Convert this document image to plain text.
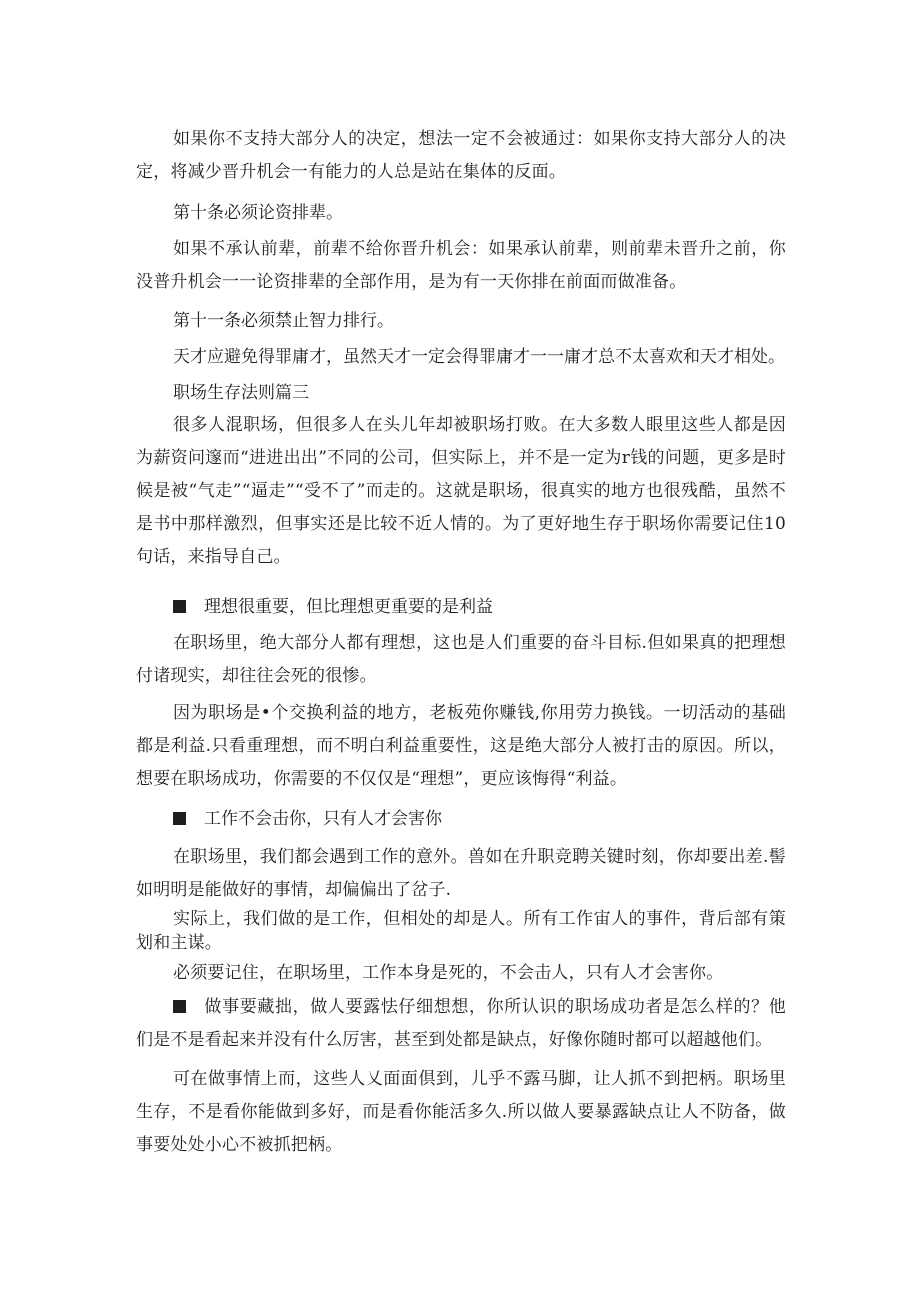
如果你不支持大部分人的决定，想法一定不会被通过：如果你支持大部分人的决定，将减少晋升机会一有能力的人总是站在集体的反面。

第十条必须论资排辈。

如果不承认前辈，前辈不给你晋升机会：如果承认前辈，则前辈未晋升之前，你没普升机会一一论资排辈的全部作用，是为有一天你排在前面而做准备。

第十一条必须禁止智力排行。

天才应避免得罪庸才，虽然天才一定会得罪庸才一一庸才总不太喜欢和天才相处。

职场生存法则篇三

很多人混职场，但很多人在头儿年却被职场打败。在大多数人眼里这些人都是因为薪资问邃而“进进出出”不同的公司，但实际上，并不是一定为r钱的问题，更多是时候是被“气走”“逼走”“受不了”而走的。这就是职场，很真实的地方也很残酷，虽然不是书中那样激烈，但事实还是比较不近人情的。为了更好地生存于职场你需要记住10句话，来指导自己。

理想很重要，但比理想更重要的是利益

在职场里，绝大部分人都有理想，这也是人们重要的奋斗目标.但如果真的把理想付诸现实，却往往会死的很惨。

因为职场是•个交换利益的地方，老板苑你赚钱,你用劳力换钱。一切活动的基础都是利益.只看重理想，而不明白利益重要性，这是绝大部分人被打击的原因。所以，想要在职场成功，你需要的不仅仅是“理想”，更应该悔得“利益。

工作不会击你，只有人才会害你

在职场里，我们都会遇到工作的意外。兽如在升职竞聘关键时刻，你却要出差.髻如明明是能做好的事情，却偏偏出了岔子.

实际上，我们做的是工作，但相处的却是人。所有工作宙人的事件，背后部有策划和主谋。

必须要记住，在职场里，工作本身是死的，不会击人，只有人才会害你。

做事要藏拙，做人要露怯仔细想想，你所认识的职场成功者是怎么样的？他们是不是看起来并没有什么厉害，甚至到处都是缺点，好像你随时都可以超越他们。

可在做事情上而，这些人乂面面倶到，儿乎不露马脚，让人抓不到把柄。职场里生存，不是看你能做到多好，而是看你能活多久.所以做人要暴露缺点让人不防备，做事要处处小心不被抓把柄。
